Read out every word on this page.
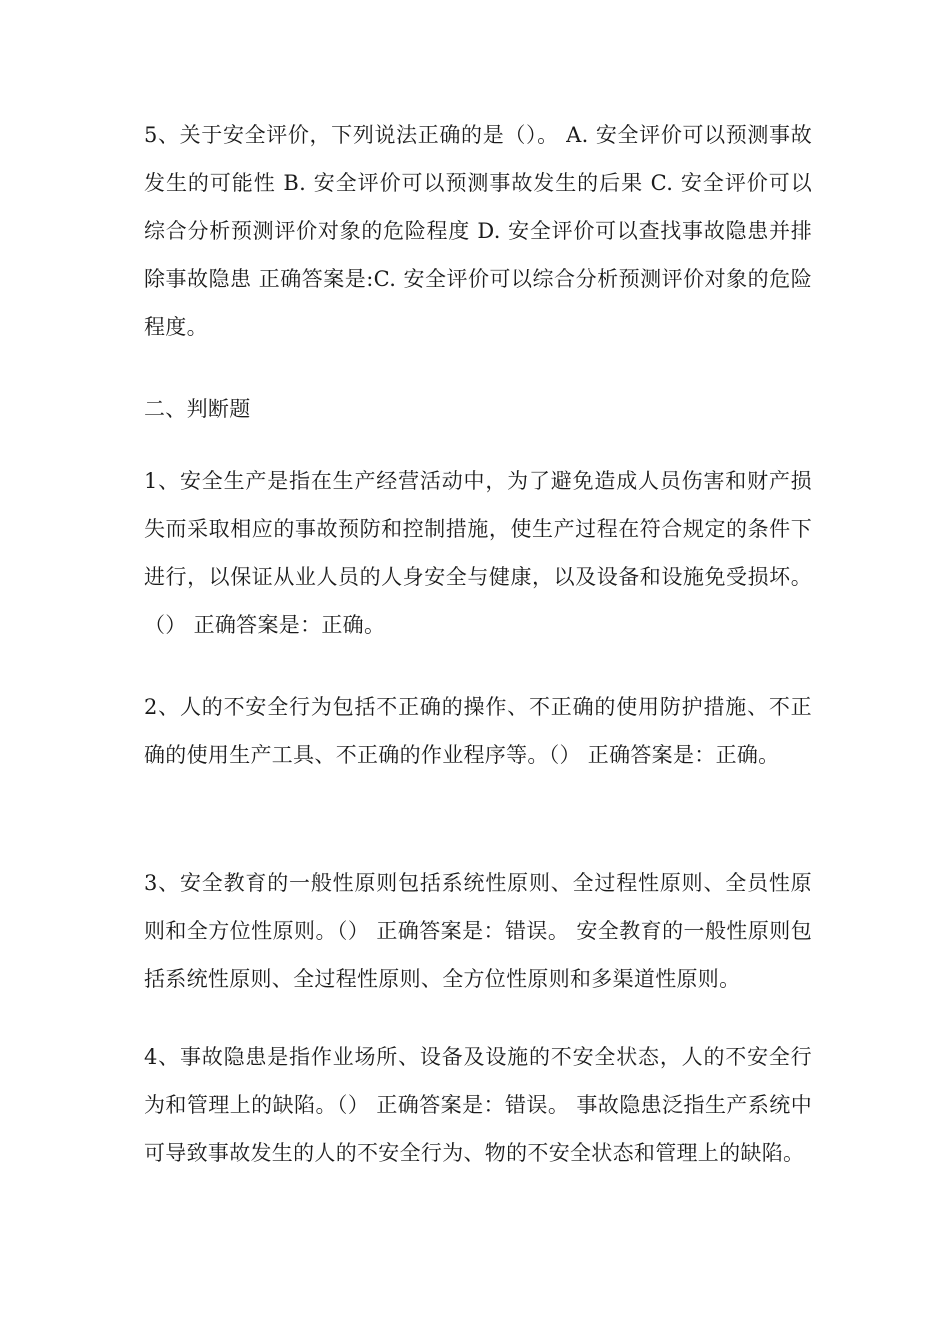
5、关于安全评价，下列说法正确的是（）。 A. 安全评价可以预测事故发生的可能性 B. 安全评价可以预测事故发生的后果 C. 安全评价可以综合分析预测评价对象的危险程度 D. 安全评价可以查找事故隐患并排除事故隐患 正确答案是:C. 安全评价可以综合分析预测评价对象的危险程度。

二、判断题

1、安全生产是指在生产经营活动中，为了避免造成人员伤害和财产损失而采取相应的事故预防和控制措施，使生产过程在符合规定的条件下进行，以保证从业人员的人身安全与健康，以及设备和设施免受损坏。（） 正确答案是：正确。

2、人的不安全行为包括不正确的操作、不正确的使用防护措施、不正确的使用生产工具、不正确的作业程序等。（） 正确答案是：正确。

3、安全教育的一般性原则包括系统性原则、全过程性原则、全员性原则和全方位性原则。（） 正确答案是：错误。 安全教育的一般性原则包括系统性原则、全过程性原则、全方位性原则和多渠道性原则。

4、事故隐患是指作业场所、设备及设施的不安全状态，人的不安全行为和管理上的缺陷。（） 正确答案是：错误。 事故隐患泛指生产系统中可导致事故发生的人的不安全行为、物的不安全状态和管理上的缺陷。
